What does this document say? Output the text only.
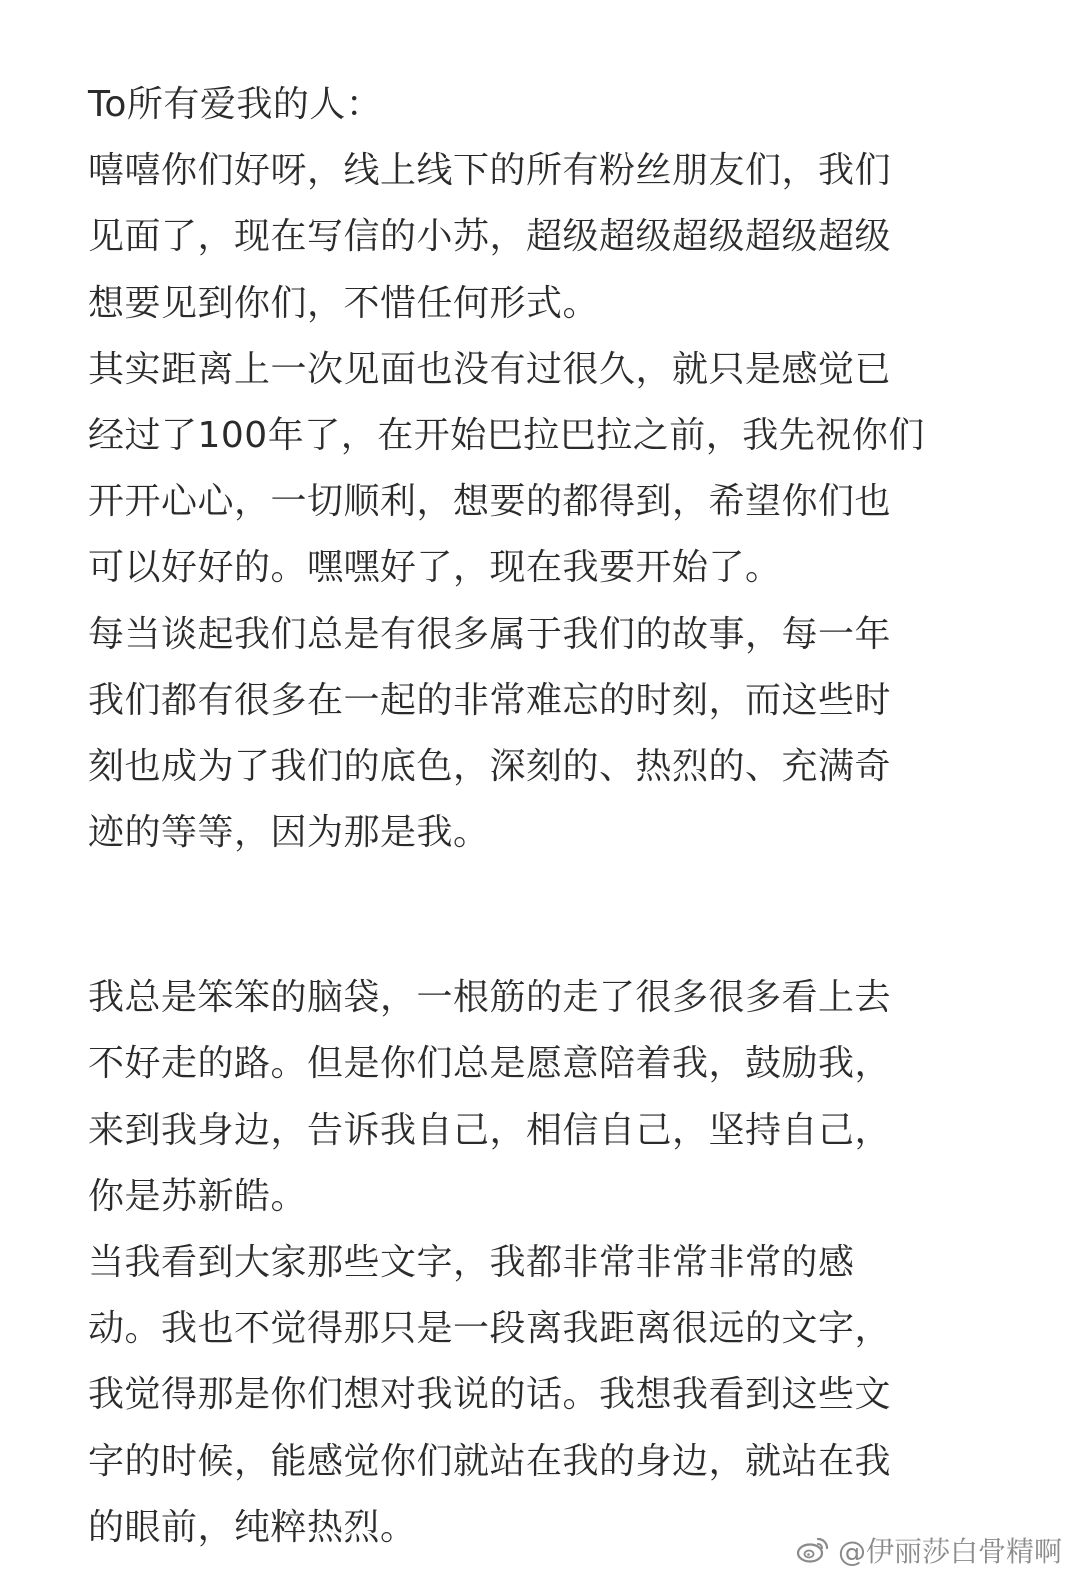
To所有爱我的人：
嘻嘻你们好呀，线上线下的所有粉丝朋友们，我们
见面了，现在写信的小苏，超级超级超级超级超级
想要见到你们，不惜任何形式。
其实距离上一次见面也没有过很久，就只是感觉已
经过了100年了，在开始巴拉巴拉之前，我先祝你们
开开心心，一切顺利，想要的都得到，希望你们也
可以好好的。嘿嘿好了，现在我要开始了。
每当谈起我们总是有很多属于我们的故事，每一年
我们都有很多在一起的非常难忘的时刻，而这些时
刻也成为了我们的底色，深刻的、热烈的、充满奇
迹的等等，因为那是我。
我总是笨笨的脑袋，一根筋的走了很多很多看上去
不好走的路。但是你们总是愿意陪着我，鼓励我，
来到我身边，告诉我自己，相信自己，坚持自己，
你是苏新皓。
当我看到大家那些文字，我都非常非常非常的感
动。我也不觉得那只是一段离我距离很远的文字，
我觉得那是你们想对我说的话。我想我看到这些文
字的时候，能感觉你们就站在我的身边，就站在我
的眼前，纯粹热烈。
@伊丽莎白骨精啊
